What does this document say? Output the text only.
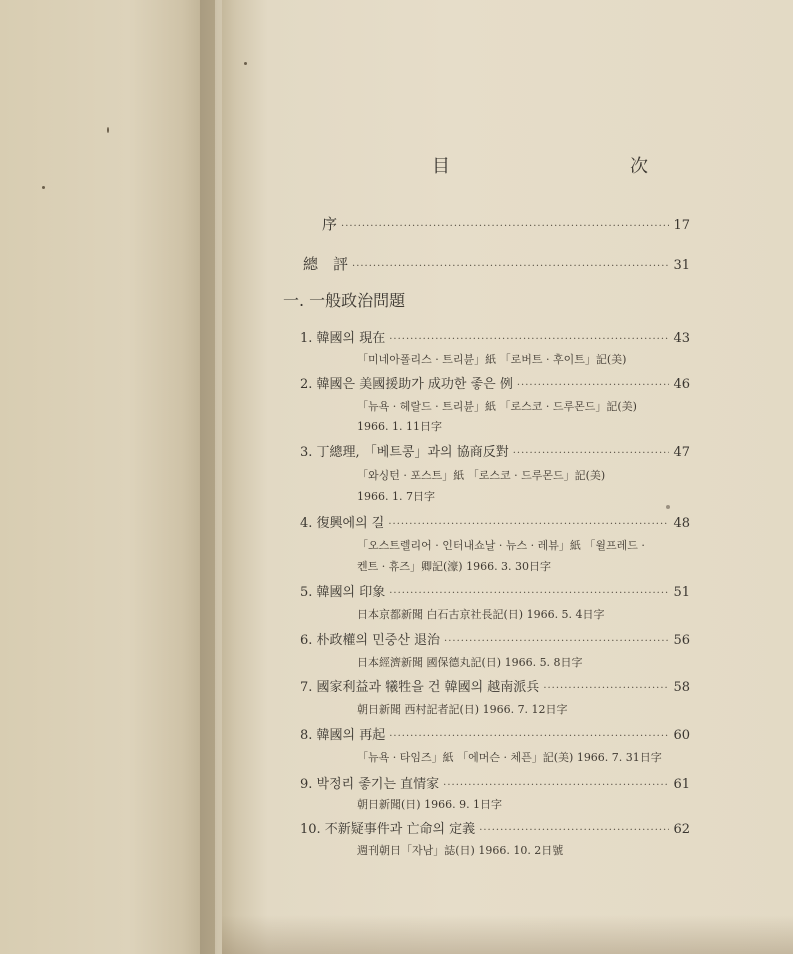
目　　次
序 ·····	17
總　評 ·····	31
一. 一般政治問題
1. 韓國의 現在 ·····	43
「미네아폴리스 · 트리뷴」紙 「로버트 · 후이트」記(美)
2. 韓國은 美國援助가 成功한 좋은 例 ·····	46
「뉴욕 · 헤랄드 · 트리뷴」紙 「로스코 · 드루몬드」記(美)
1966. 1. 11日字
3. 丁總理, 「베트콩」과의 協商反對 ·····	47
「와싱턴 · 포스트」紙 「로스코 · 드루몬드」記(美)
1966. 1. 7日字
4. 復興에의 길 ·····	48
「오스트렐리어 · 인터내쇼날 · 뉴스 · 레뷰」紙 「윌프레드 ·
켄트 · 휴즈」卿記(濠) 1966. 3. 30日字
5. 韓國의 印象 ·····	51
日本京都新聞 白石古京社長記(日) 1966. 5. 4日字
6. 朴政權의 민중산 退治 ·····	56
日本經濟新聞 國保德丸記(日) 1966. 5. 8日字
7. 國家利益과 犧牲을 건 韓國의 越南派兵 ·····	58
朝日新聞 西村記者記(日) 1966. 7. 12日字
8. 韓國의 再起 ·····	60
「뉴욕 · 타임즈」紙 「에머슨 · 체픈」記(美) 1966. 7. 31日字
9. 박정리 좋기는 直情家 ·····	61
朝日新聞(日) 1966. 9. 1日字
10. 不新疑事件과 亡命의 定義 ·····	62
週刊朝日「자남」誌(日) 1966. 10. 2日號
